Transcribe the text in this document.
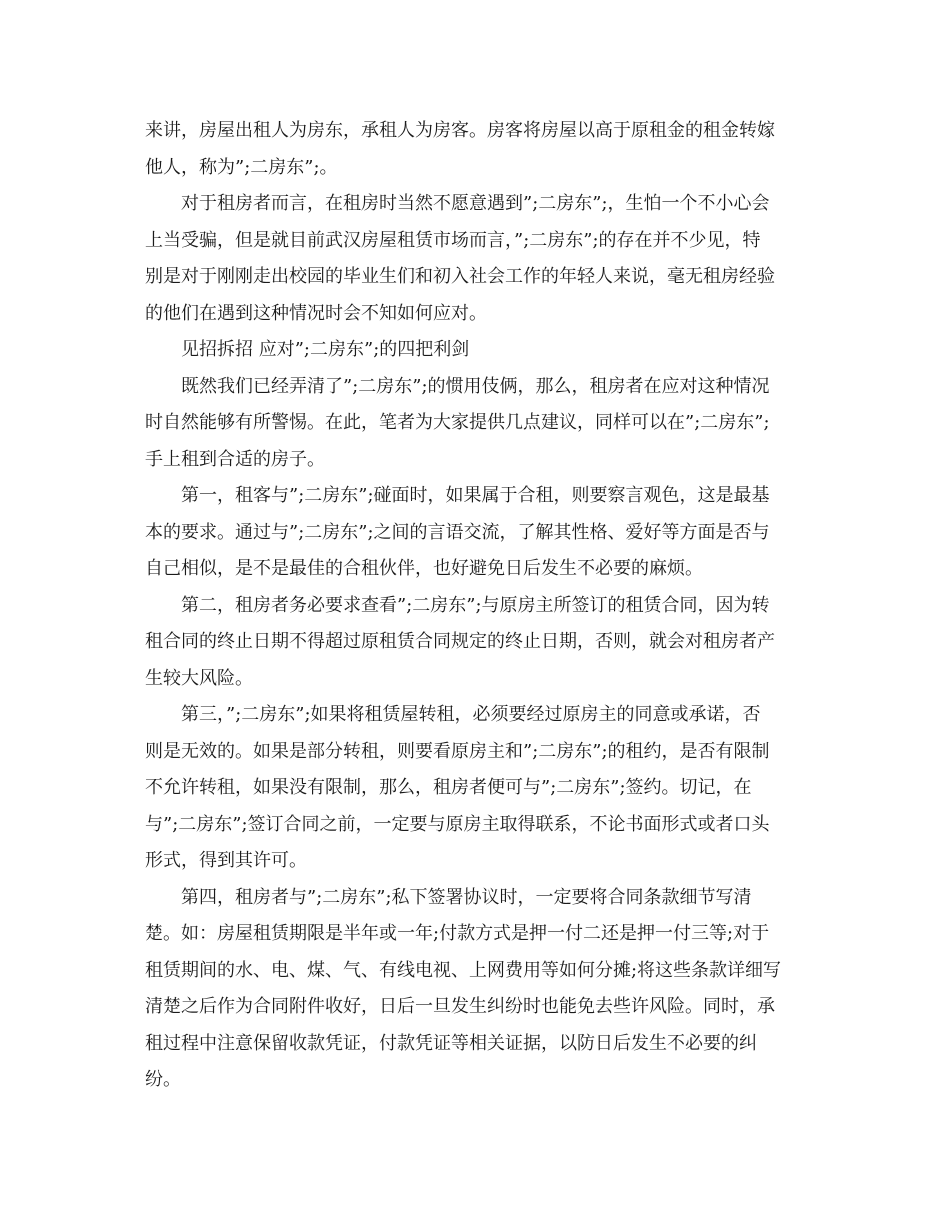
来讲，房屋出租人为房东，承租人为房客。房客将房屋以高于原租金的租金转嫁
他人，称为”;二房东”;。
对于租房者而言，在租房时当然不愿意遇到”;二房东”;，生怕一个不小心会
上当受骗，但是就目前武汉房屋租赁市场而言，”;二房东”;的存在并不少见，特
别是对于刚刚走出校园的毕业生们和初入社会工作的年轻人来说，毫无租房经验
的他们在遇到这种情况时会不知如何应对。
见招拆招 应对”;二房东”;的四把利剑
既然我们已经弄清了”;二房东”;的惯用伎俩，那么，租房者在应对这种情况
时自然能够有所警惕。在此，笔者为大家提供几点建议，同样可以在”;二房东”;
手上租到合适的房子。
第一，租客与”;二房东”;碰面时，如果属于合租，则要察言观色，这是最基
本的要求。通过与”;二房东”;之间的言语交流，了解其性格、爱好等方面是否与
自己相似，是不是最佳的合租伙伴，也好避免日后发生不必要的麻烦。
第二，租房者务必要求查看”;二房东”;与原房主所签订的租赁合同，因为转
租合同的终止日期不得超过原租赁合同规定的终止日期，否则，就会对租房者产
生较大风险。
第三，”;二房东”;如果将租赁屋转租，必须要经过原房主的同意或承诺，否
则是无效的。如果是部分转租，则要看原房主和”;二房东”;的租约，是否有限制
不允许转租，如果没有限制，那么，租房者便可与”;二房东”;签约。切记，在
与”;二房东”;签订合同之前，一定要与原房主取得联系，不论书面形式或者口头
形式，得到其许可。
第四，租房者与”;二房东”;私下签署协议时，一定要将合同条款细节写清
楚。如：房屋租赁期限是半年或一年;付款方式是押一付二还是押一付三等;对于
租赁期间的水、电、煤、气、有线电视、上网费用等如何分摊;将这些条款详细写
清楚之后作为合同附件收好，日后一旦发生纠纷时也能免去些许风险。同时，承
租过程中注意保留收款凭证，付款凭证等相关证据，以防日后发生不必要的纠
纷。
